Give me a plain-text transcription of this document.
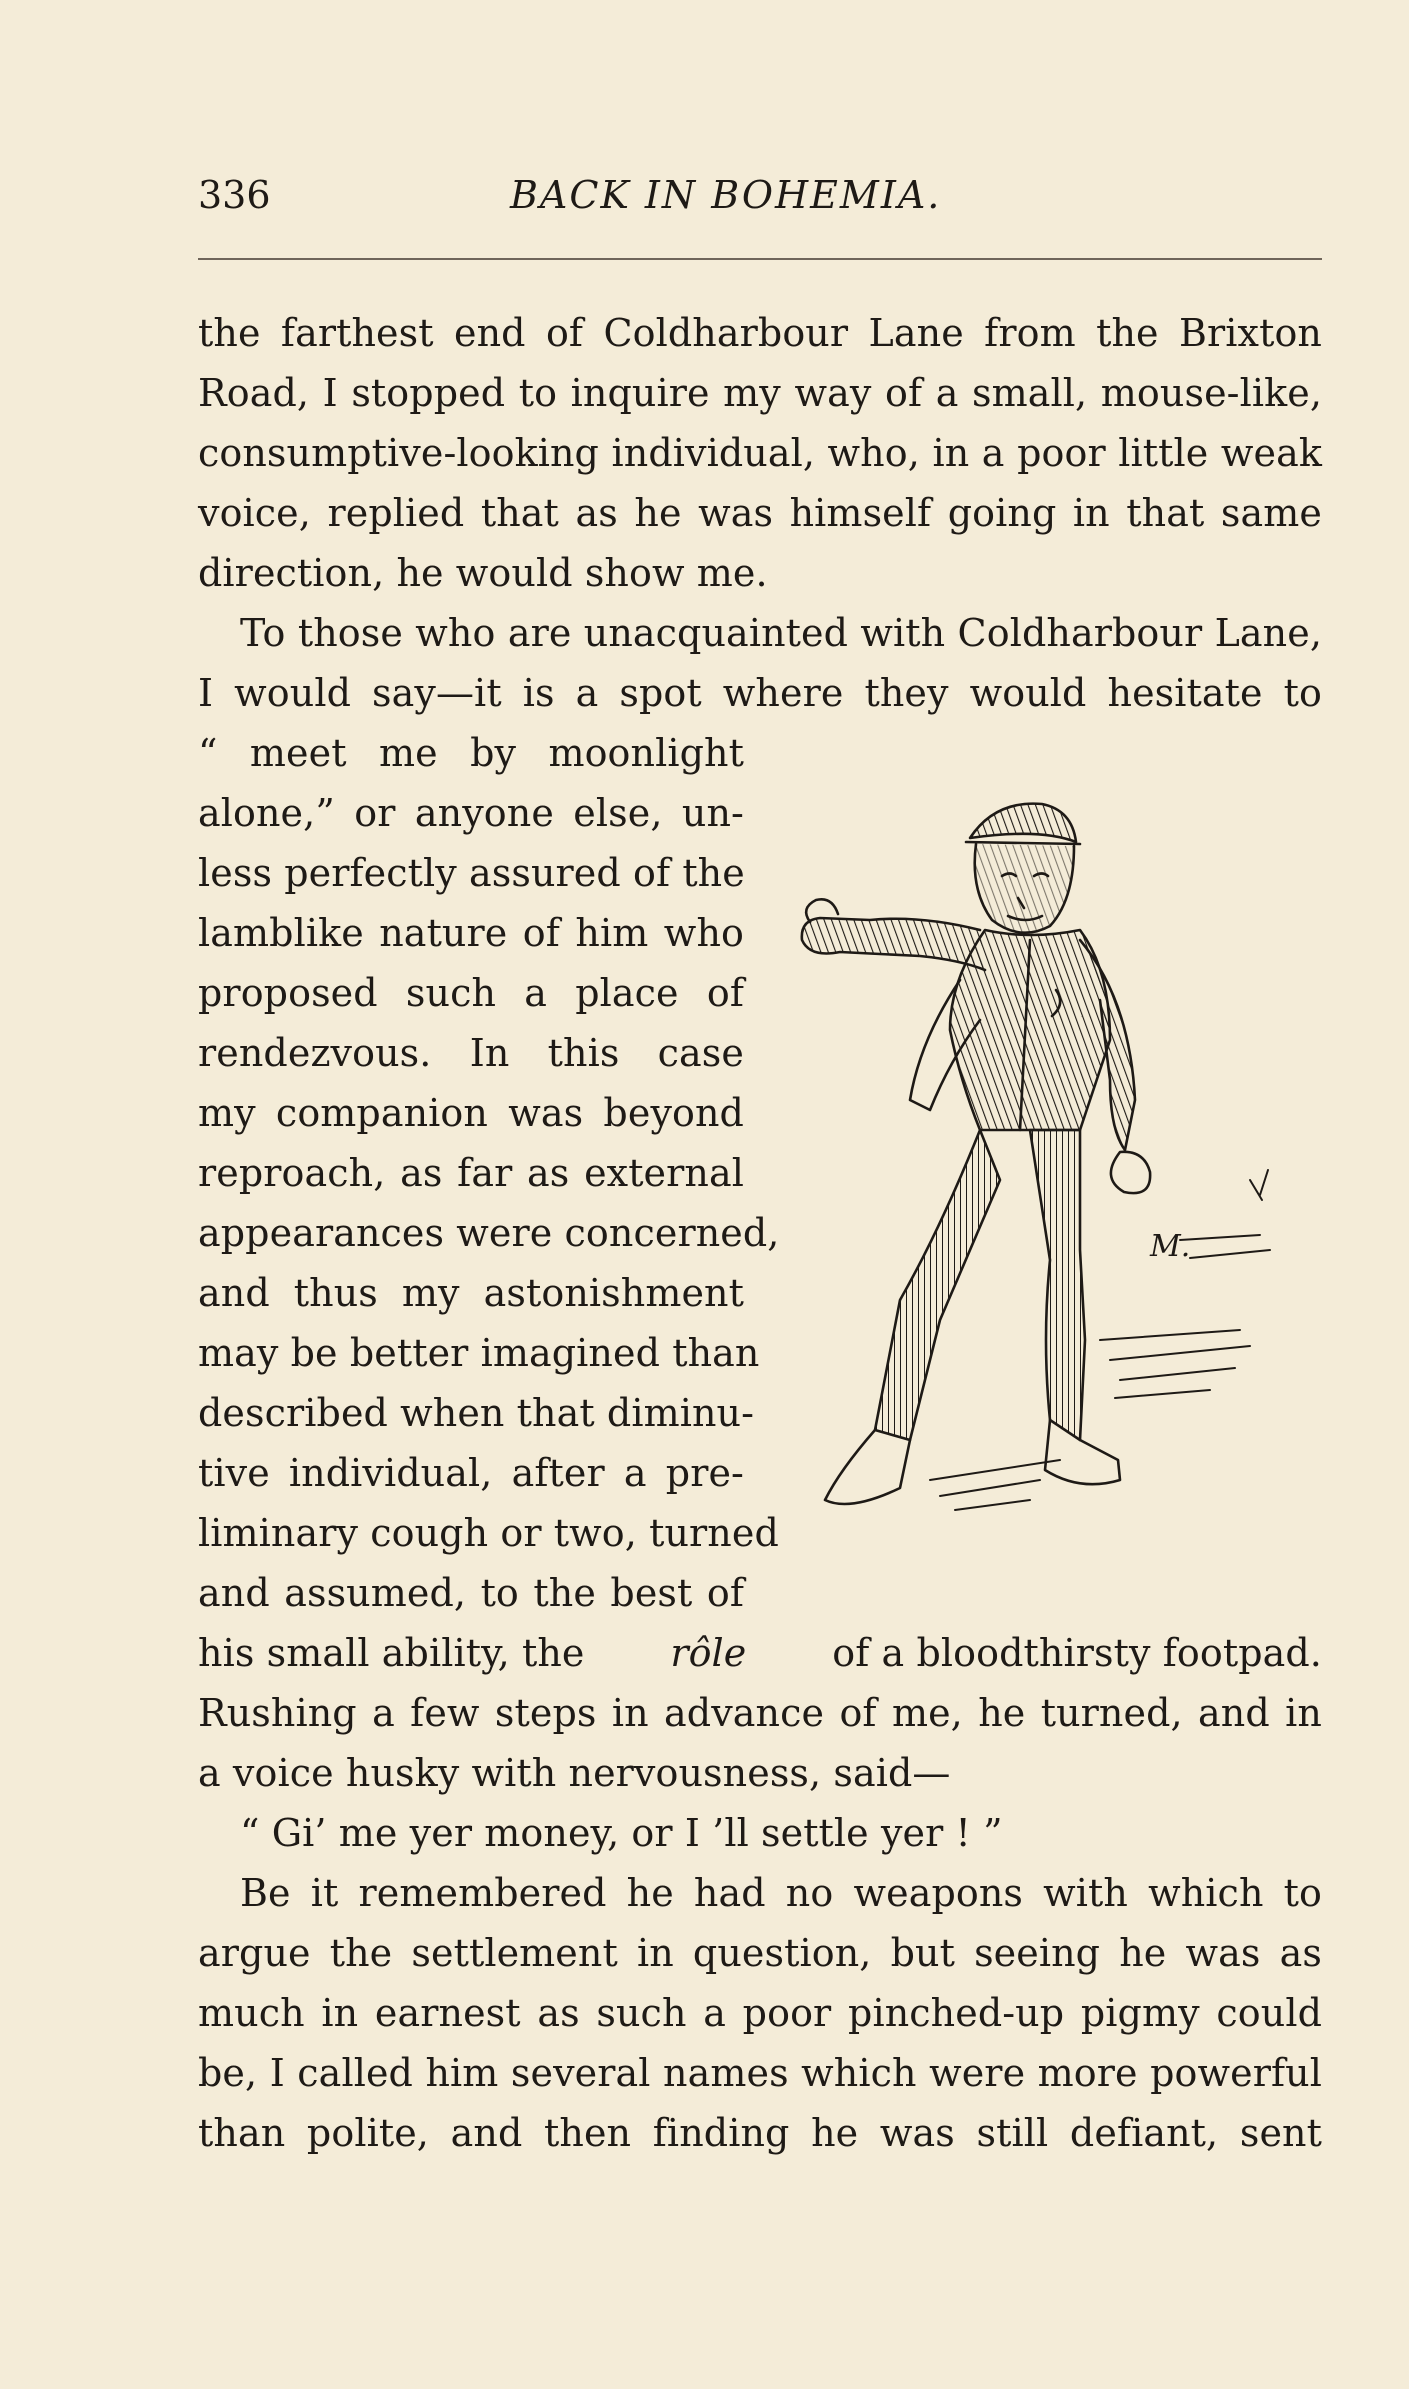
336	BACK IN BOHEMIA.
the farthest end of Coldharbour Lane from the Brixton
Road, I stopped to inquire my way of a small, mouse-like,
consumptive-looking individual, who, in a poor little weak
voice, replied that as he was himself going in that same
direction, he would show me.
To those who are unacquainted with Coldharbour Lane,
I would say—it is a spot where they would hesitate to
“ meet me by moonlight
alone,” or anyone else, un-
less perfectly assured of the
lamblike nature of him who
proposed such a place of
rendezvous. In this case
my companion was beyond
reproach, as far as external
appearances were concerned,
and thus my astonishment
may be better imagined than
described when that diminu-
tive individual, after a pre-
liminary cough or two, turned
and assumed, to the best of
his small ability, the rôle of a bloodthirsty footpad.
Rushing a few steps in advance of me, he turned, and in
a voice husky with nervousness, said—
“ Gi’ me yer money, or I ’ll settle yer ! ”
Be it remembered he had no weapons with which to
argue the settlement in question, but seeing he was as
much in earnest as such a poor pinched-up pigmy could
be, I called him several names which were more powerful
than polite, and then finding he was still defiant, sent
M.
